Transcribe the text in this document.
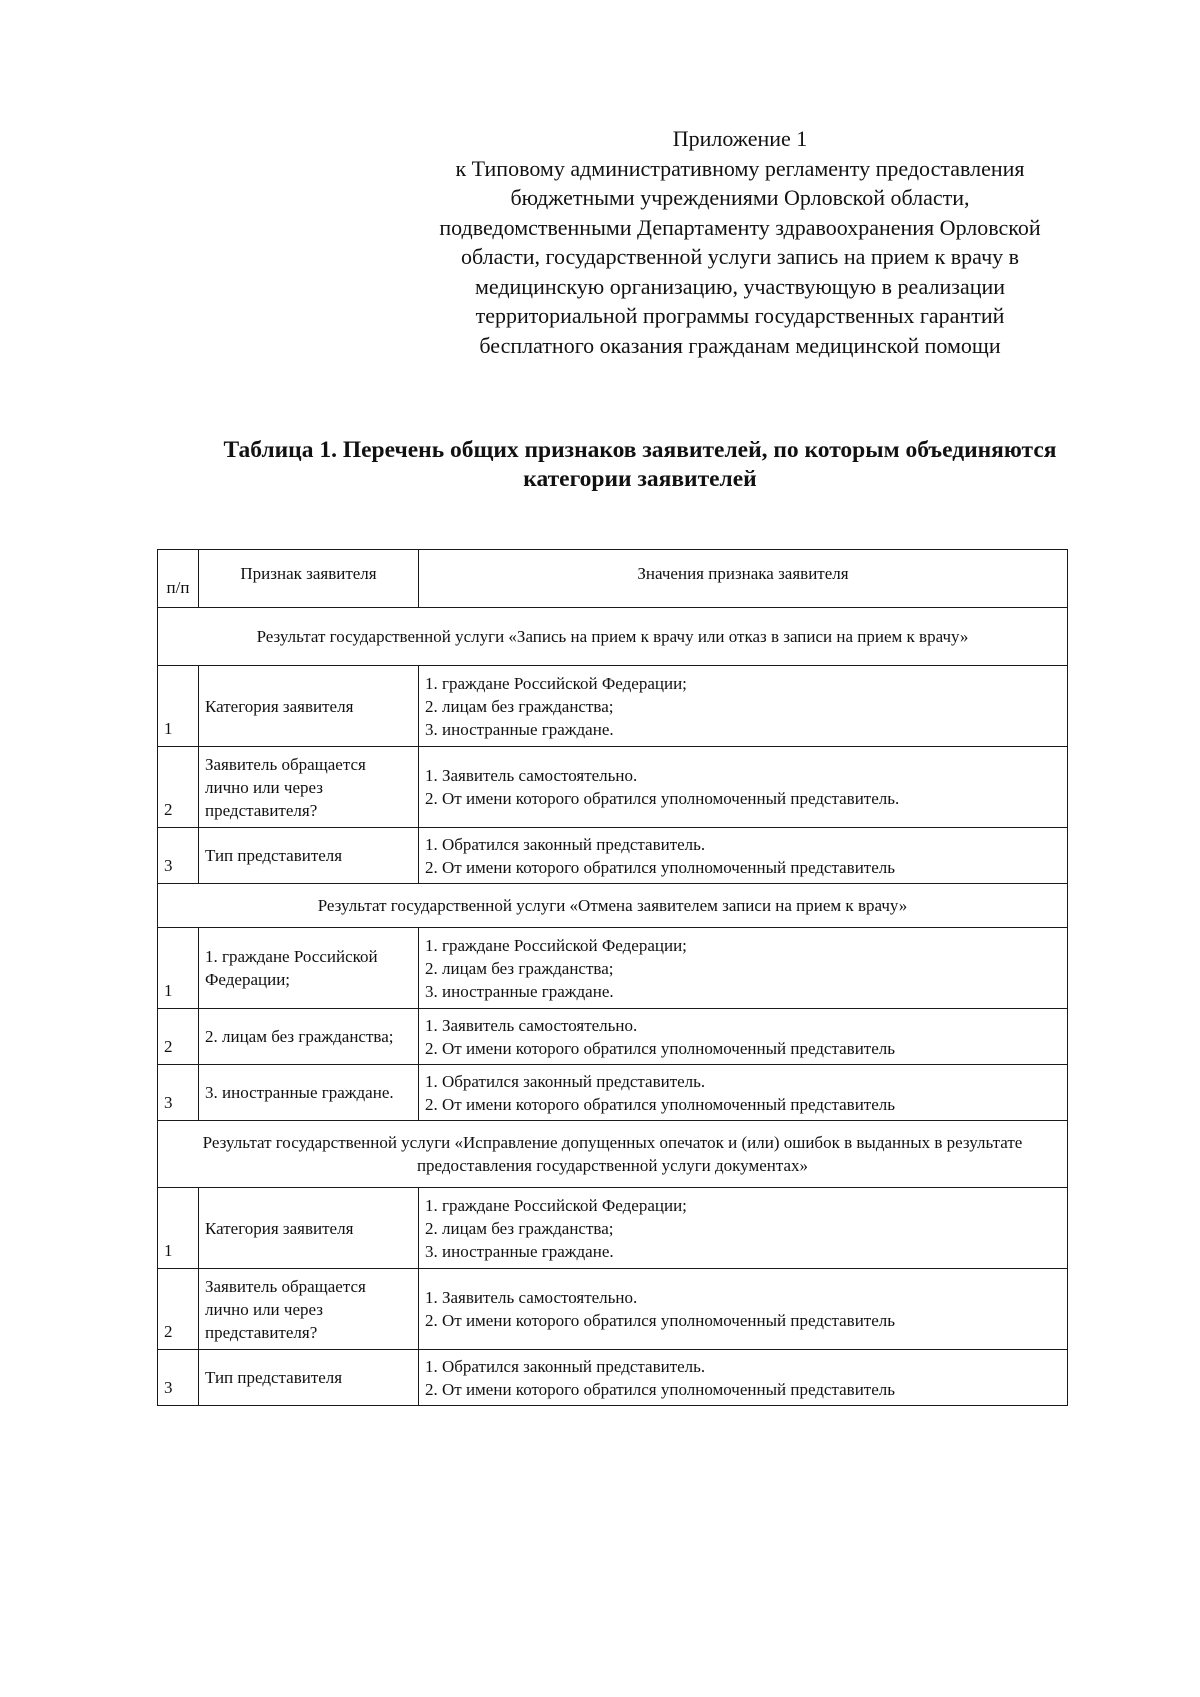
Приложение 1
к Типовому административному регламенту предоставления
бюджетными учреждениями Орловской области,
подведомственными Департаменту здравоохранения Орловской
области, государственной услуги запись на прием к врачу в
медицинскую организацию, участвующую в реализации
территориальной программы государственных гарантий
бесплатного оказания гражданам медицинской помощи
Таблица 1. Перечень общих признаков заявителей, по которым объединяются
категории заявителей
п/п	Признак заявителя	Значения признака заявителя
Результат государственной услуги «Запись на прием к врачу или отказ в записи на прием к врачу»		
1	Категория заявителя	1. граждане Российской Федерации;
2. лицам без гражданства;
3. иностранные граждане.

2	Заявитель обращается лично или через представителя?	1. Заявитель самостоятельно.
2. От имени которого обратился уполномоченный представитель.

3	Тип представителя	1. Обратился законный представитель.
2. От имени которого обратился уполномоченный представитель

Результат государственной услуги «Отмена заявителем записи на прием к врачу»		
1	1. граждане Российской Федерации;	1. граждане Российской Федерации;
2. лицам без гражданства;
3. иностранные граждане.

2	2. лицам без гражданства;	1. Заявитель самостоятельно.
2. От имени которого обратился уполномоченный представитель

3	3. иностранные граждане.	1. Обратился законный представитель.
2. От имени которого обратился уполномоченный представитель

Результат государственной услуги «Исправление допущенных опечаток и (или) ошибок в выданных в результате предоставления государственной услуги документах»		
1	Категория заявителя	1. граждане Российской Федерации;
2. лицам без гражданства;
3. иностранные граждане.

2	Заявитель обращается лично или через представителя?	1. Заявитель самостоятельно.
2. От имени которого обратился уполномоченный представитель

3	Тип представителя	1. Обратился законный представитель.
2. От имени которого обратился уполномоченный представитель
